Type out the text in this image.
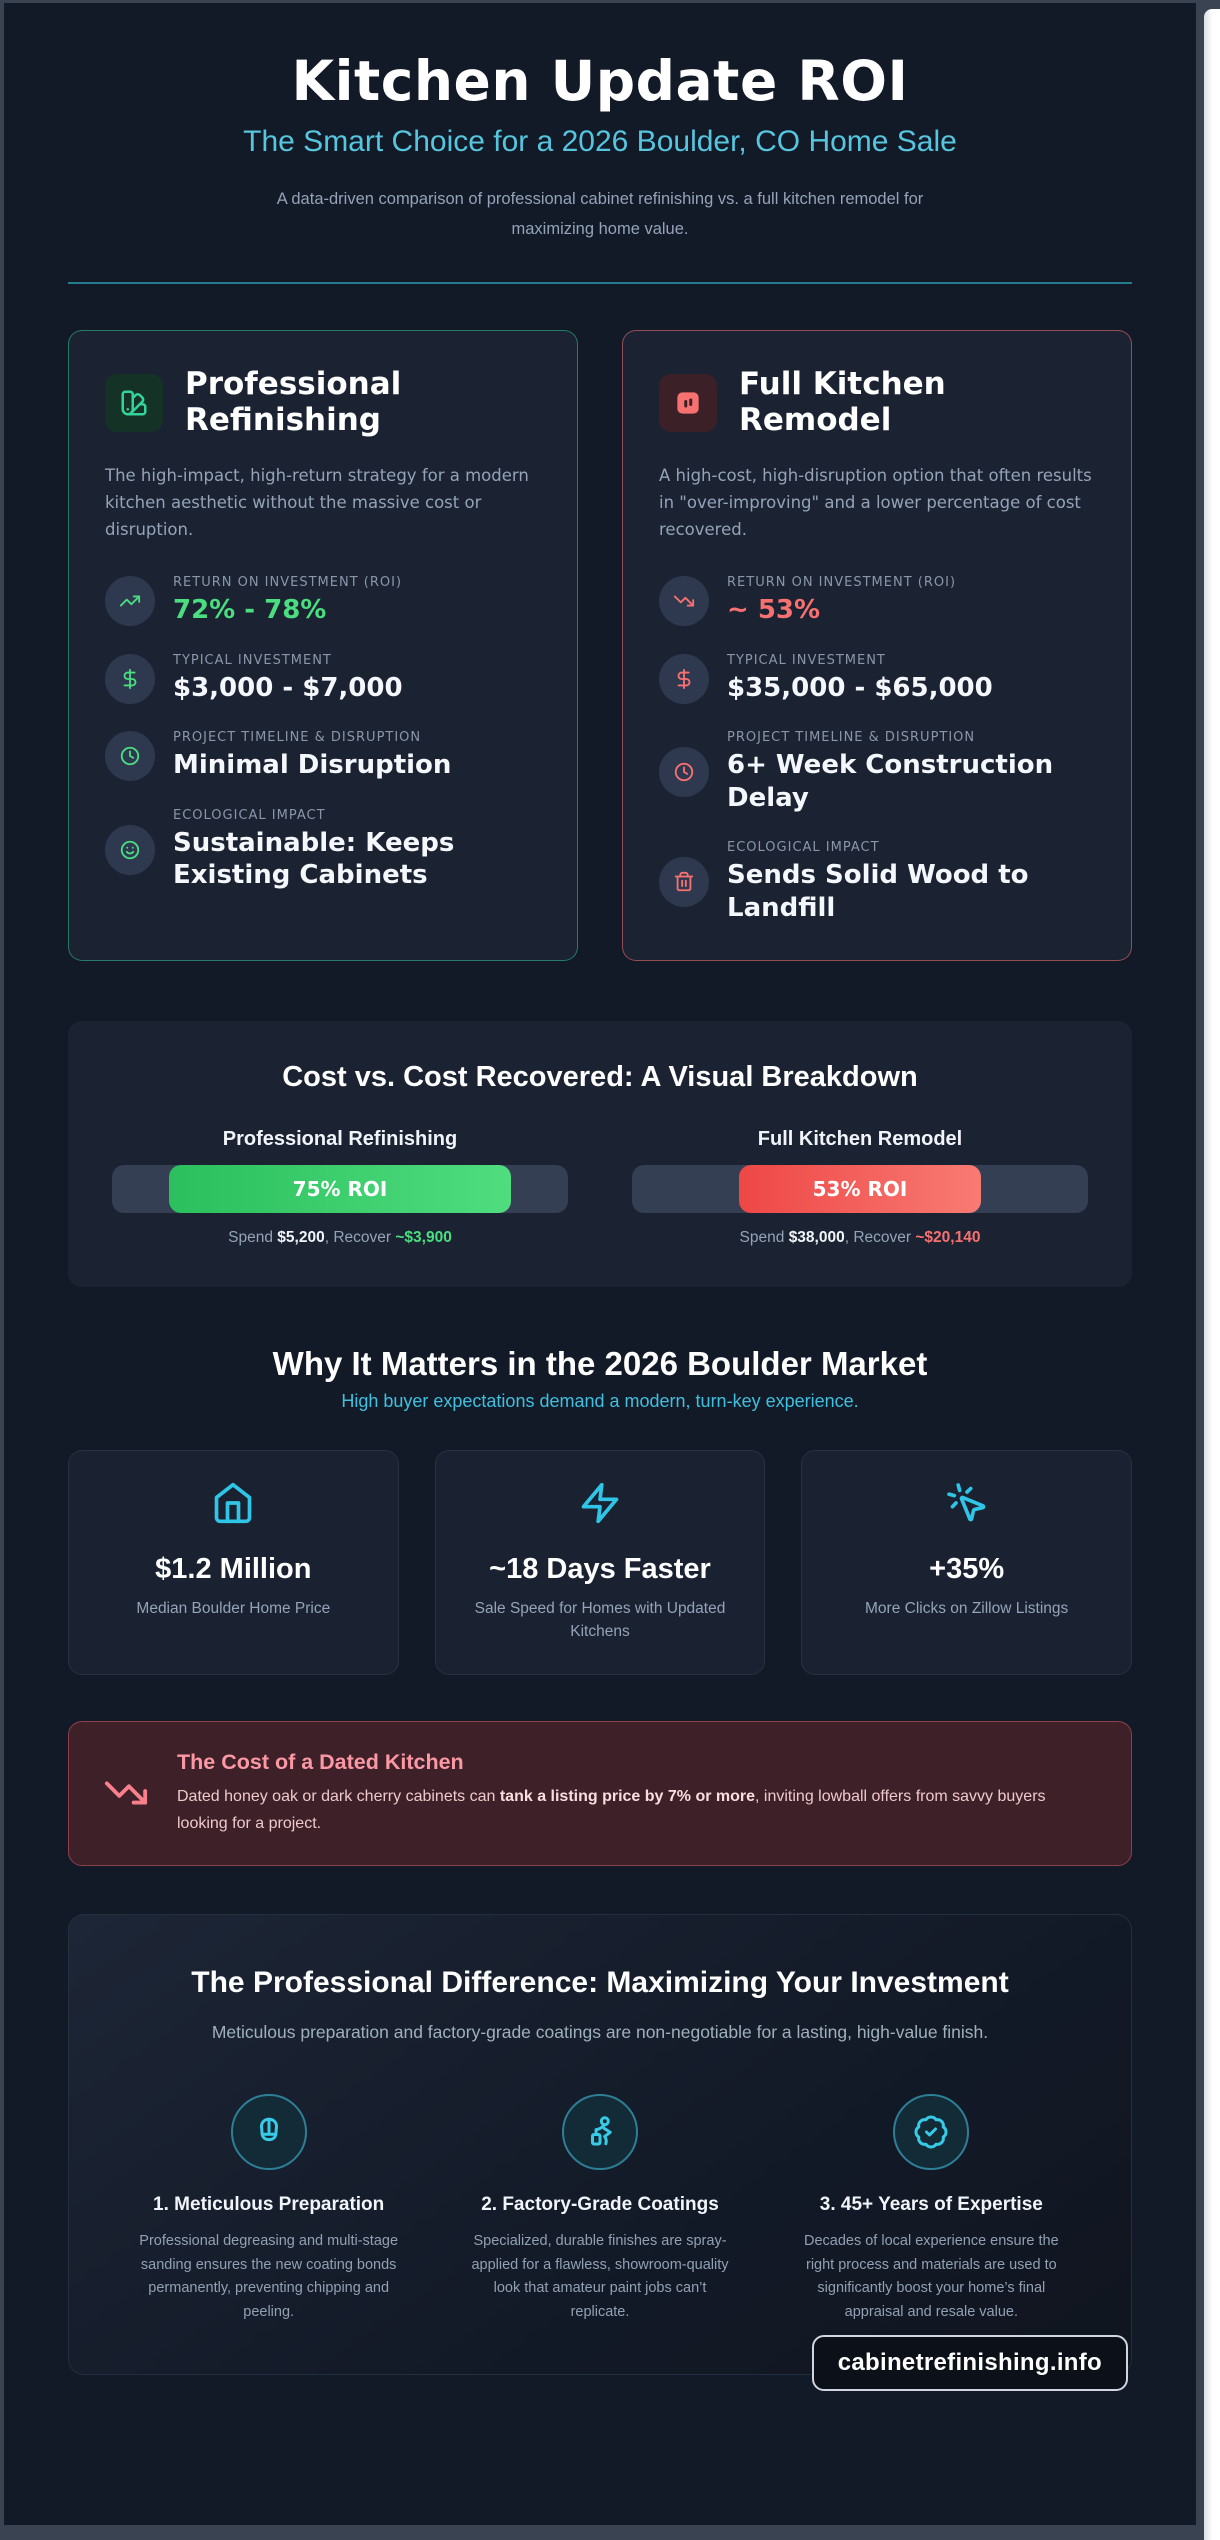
Kitchen Update ROI
The Smart Choice for a 2026 Boulder, CO Home Sale

A data-driven comparison of professional cabinet refinishing vs. a full kitchen remodel for maximizing home value.

Professional Refinishing

The high-impact, high-return strategy for a modern kitchen aesthetic without the massive cost or disruption.

RETURN ON INVESTMENT (ROI)
72% - 78%
TYPICAL INVESTMENT
$3,000 - $7,000
PROJECT TIMELINE & DISRUPTION
Minimal Disruption
ECOLOGICAL IMPACT
Sustainable: Keeps Existing Cabinets
Full Kitchen Remodel

A high-cost, high-disruption option that often results in "over-improving" and a lower percentage of cost recovered.

RETURN ON INVESTMENT (ROI)
~ 53%
TYPICAL INVESTMENT
$35,000 - $65,000
PROJECT TIMELINE & DISRUPTION
6+ Week Construction Delay
ECOLOGICAL IMPACT
Sends Solid Wood to Landfill
Cost vs. Cost Recovered: A Visual Breakdown
Professional Refinishing
75% ROI
Spend $5,200, Recover ~$3,900
Full Kitchen Remodel
53% ROI
Spend $38,000, Recover ~$20,140
Why It Matters in the 2026 Boulder Market
High buyer expectations demand a modern, turn-key experience.
$1.2 Million
Median Boulder Home Price
~18 Days Faster
Sale Speed for Homes with Updated Kitchens
+35%
More Clicks on Zillow Listings
The Cost of a Dated Kitchen

Dated honey oak or dark cherry cabinets can tank a listing price by 7% or more, inviting lowball offers from savvy buyers looking for a project.

The Professional Difference: Maximizing Your Investment

Meticulous preparation and factory-grade coatings are non-negotiable for a lasting, high-value finish.

1. Meticulous Preparation

Professional degreasing and multi-stage sanding ensures the new coating bonds permanently, preventing chipping and peeling.

2. Factory-Grade Coatings

Specialized, durable finishes are spray-applied for a flawless, showroom-quality look that amateur paint jobs can’t replicate.

3. 45+ Years of Expertise

Decades of local experience ensure the right process and materials are used to significantly boost your home’s final appraisal and resale value.

cabinetrefinishing.info
